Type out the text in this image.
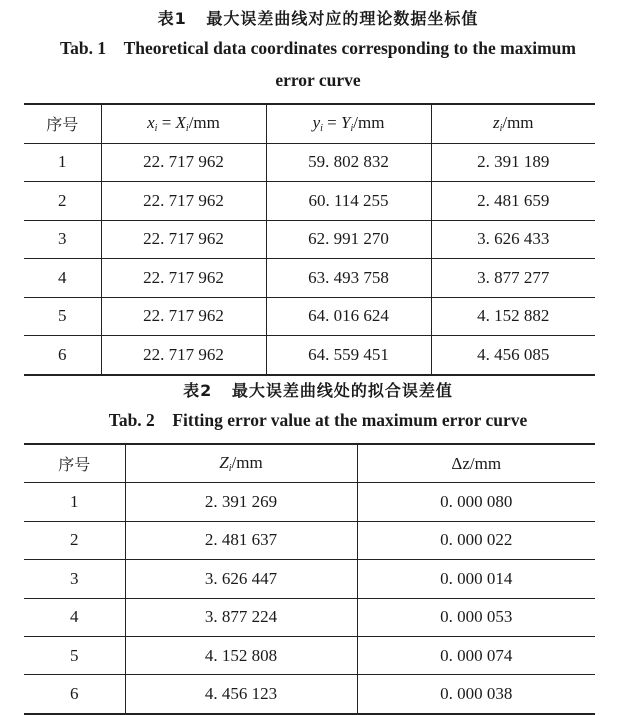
表1 最大误差曲线对应的理论数据坐标值
Tab. 1 Theoretical data coordinates corresponding to the maximum
error curve
序号	$x_i = X_i/mm$	$y_i = Y_i/mm$	$z_i/mm$
1	22. 717 962	59. 802 832	2. 391 189
2	22. 717 962	60. 114 255	2. 481 659
3	22. 717 962	62. 991 270	3. 626 433
4	22. 717 962	63. 493 758	3. 877 277
5	22. 717 962	64. 016 624	4. 152 882
6	22. 717 962	64. 559 451	4. 456 085
表2 最大误差曲线处的拟合误差值
Tab. 2 Fitting error value at the maximum error curve
序号	$Z_i/mm$	Δz/mm
1	2. 391 269	0. 000 080
2	2. 481 637	0. 000 022
3	3. 626 447	0. 000 014
4	3. 877 224	0. 000 053
5	4. 152 808	0. 000 074
6	4. 456 123	0. 000 038
